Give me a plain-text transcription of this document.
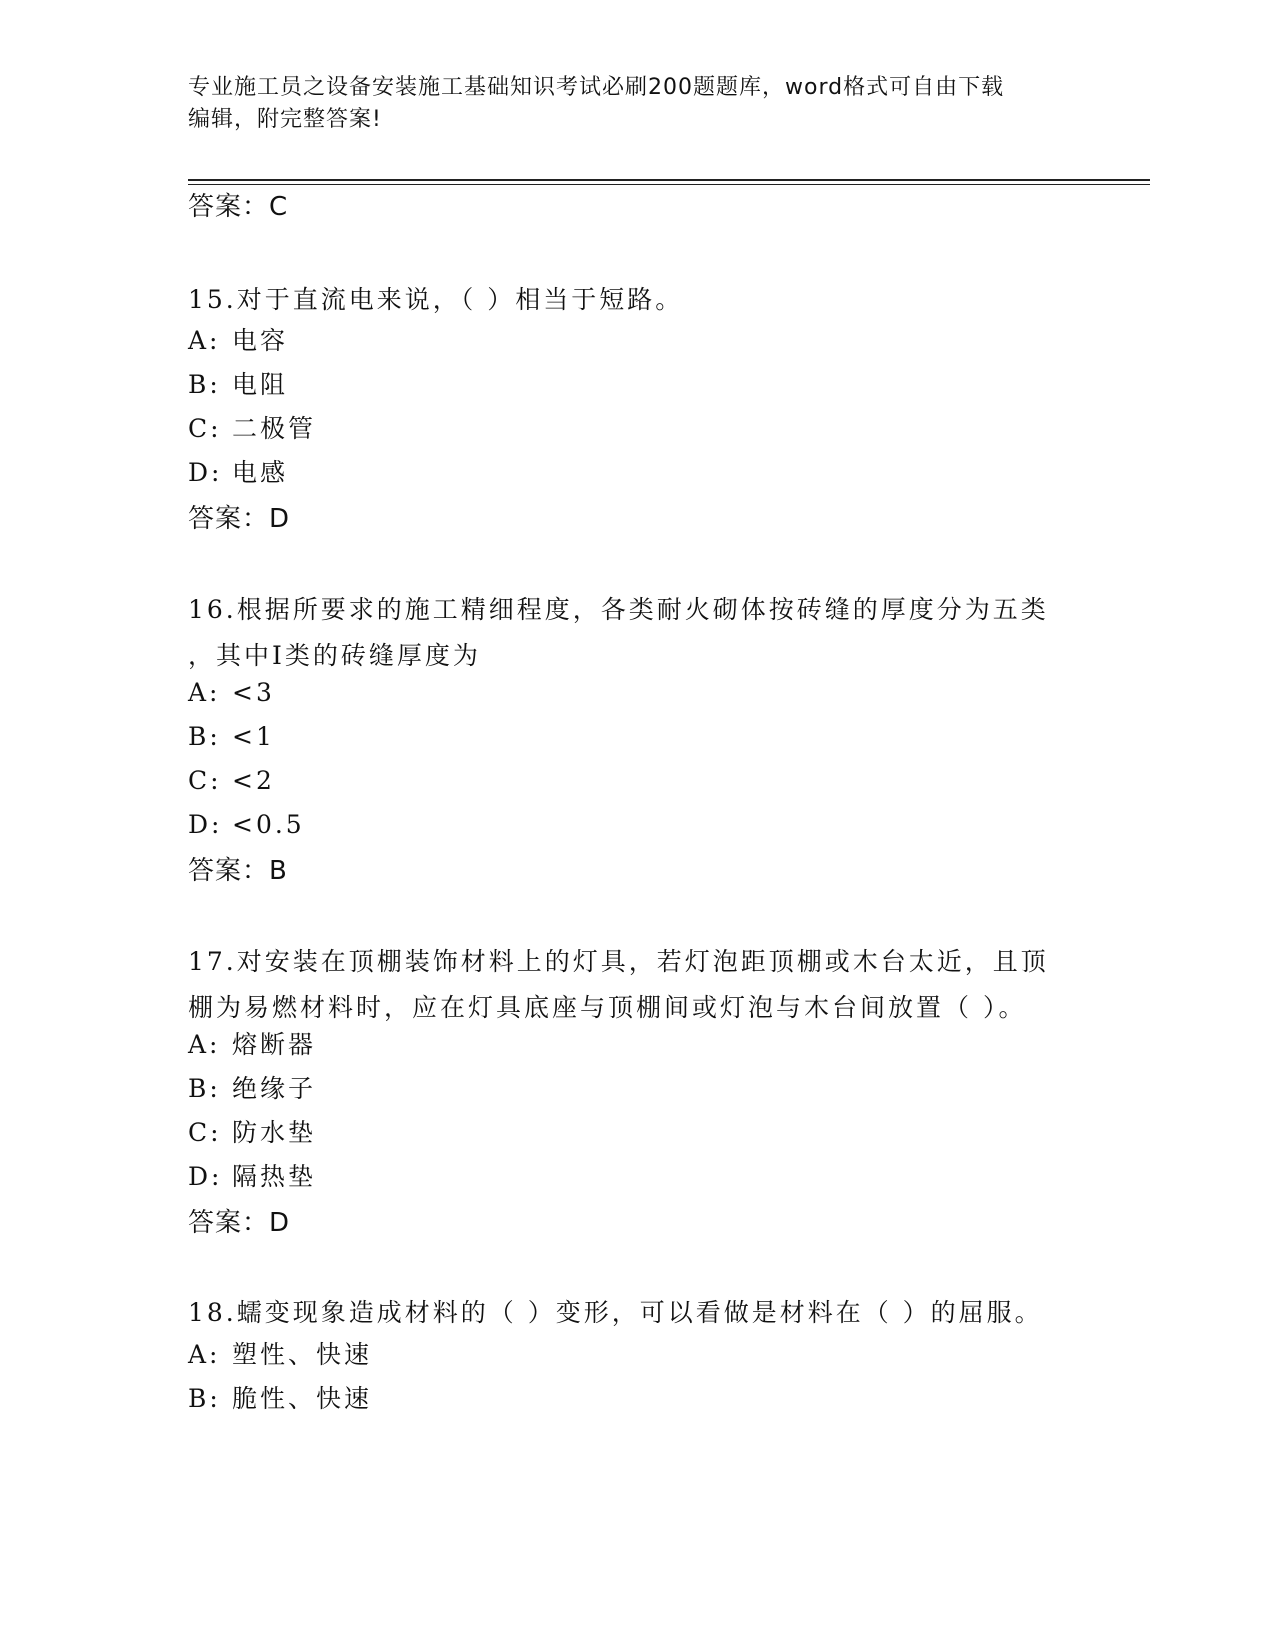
专业施工员之设备安装施工基础知识考试必刷200题题库，word格式可自由下载
编辑，附完整答案!
答案：C
15.对于直流电来说，（ ）相当于短路。
A: 电容
B: 电阻
C: 二极管
D: 电感
答案：D
16.根据所要求的施工精细程度，各类耐火砌体按砖缝的厚度分为五类
，其中Ⅰ类的砖缝厚度为
A: <3
B: <1
C: <2
D: <0.5
答案：B
17.对安装在顶棚装饰材料上的灯具，若灯泡距顶棚或木台太近，且顶
棚为易燃材料时，应在灯具底座与顶棚间或灯泡与木台间放置（ ）。
A: 熔断器
B: 绝缘子
C: 防水垫
D: 隔热垫
答案：D
18.蠕变现象造成材料的（ ）变形，可以看做是材料在（ ）的屈服。
A: 塑性、快速
B: 脆性、快速
